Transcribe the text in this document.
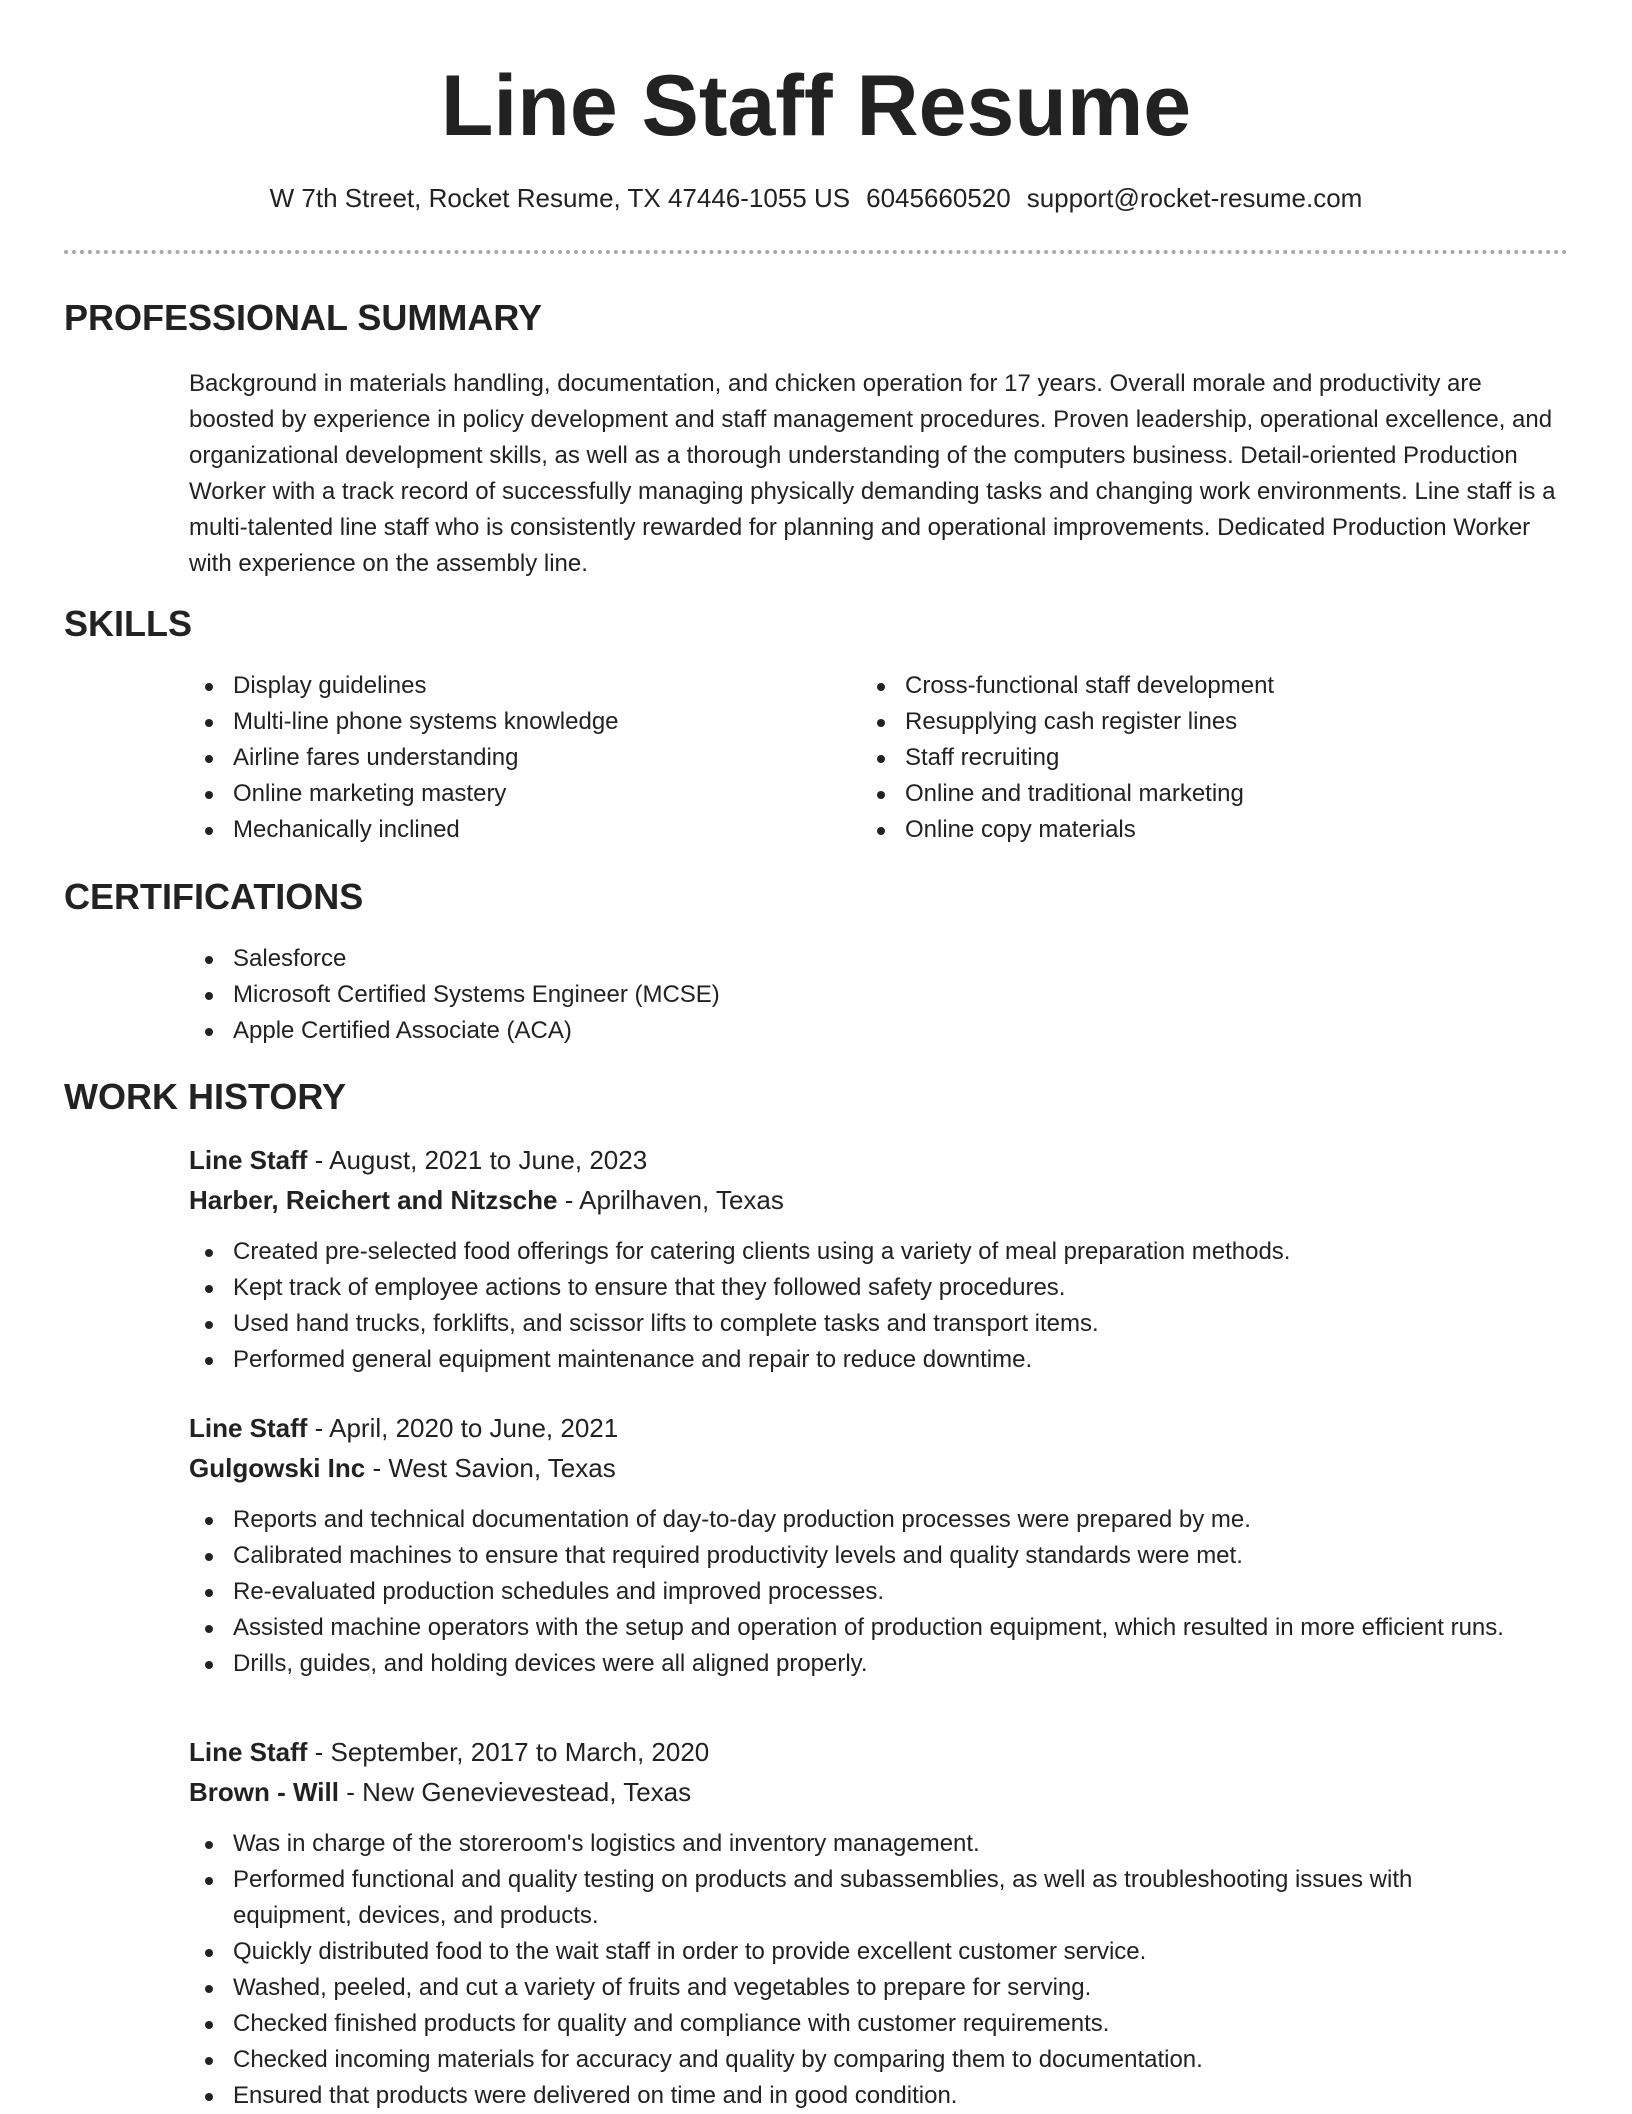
Line Staff Resume
W 7th Street, Rocket Resume, TX 47446-1055 US 6045660520 support@rocket-resume.com
PROFESSIONAL SUMMARY

Background in materials handling, documentation, and chicken operation for 17 years. Overall morale and productivity are boosted by experience in policy development and staff management procedures. Proven leadership, operational excellence, and organizational development skills, as well as a thorough understanding of the computers business. Detail-oriented Production Worker with a track record of successfully managing physically demanding tasks and changing work environments. Line staff is a multi-talented line staff who is consistently rewarded for planning and operational improvements. Dedicated Production Worker with experience on the assembly line.

SKILLS
Display guidelines
Multi-line phone systems knowledge
Airline fares understanding
Online marketing mastery
Mechanically inclined
Cross-functional staff development
Resupplying cash register lines
Staff recruiting
Online and traditional marketing
Online copy materials
CERTIFICATIONS
Salesforce
Microsoft Certified Systems Engineer (MCSE)
Apple Certified Associate (ACA)
WORK HISTORY
Line Staff - August, 2021 to June, 2023
Harber, Reichert and Nitzsche - Aprilhaven, Texas
Created pre-selected food offerings for catering clients using a variety of meal preparation methods.
Kept track of employee actions to ensure that they followed safety procedures.
Used hand trucks, forklifts, and scissor lifts to complete tasks and transport items.
Performed general equipment maintenance and repair to reduce downtime.
Line Staff - April, 2020 to June, 2021
Gulgowski Inc - West Savion, Texas
Reports and technical documentation of day-to-day production processes were prepared by me.
Calibrated machines to ensure that required productivity levels and quality standards were met.
Re-evaluated production schedules and improved processes.
Assisted machine operators with the setup and operation of production equipment, which resulted in more efficient runs.
Drills, guides, and holding devices were all aligned properly.
Line Staff - September, 2017 to March, 2020
Brown - Will - New Genevievestead, Texas
Was in charge of the storeroom's logistics and inventory management.
Performed functional and quality testing on products and subassemblies, as well as troubleshooting issues with equipment, devices, and products.
Quickly distributed food to the wait staff in order to provide excellent customer service.
Washed, peeled, and cut a variety of fruits and vegetables to prepare for serving.
Checked finished products for quality and compliance with customer requirements.
Checked incoming materials for accuracy and quality by comparing them to documentation.
Ensured that products were delivered on time and in good condition.
